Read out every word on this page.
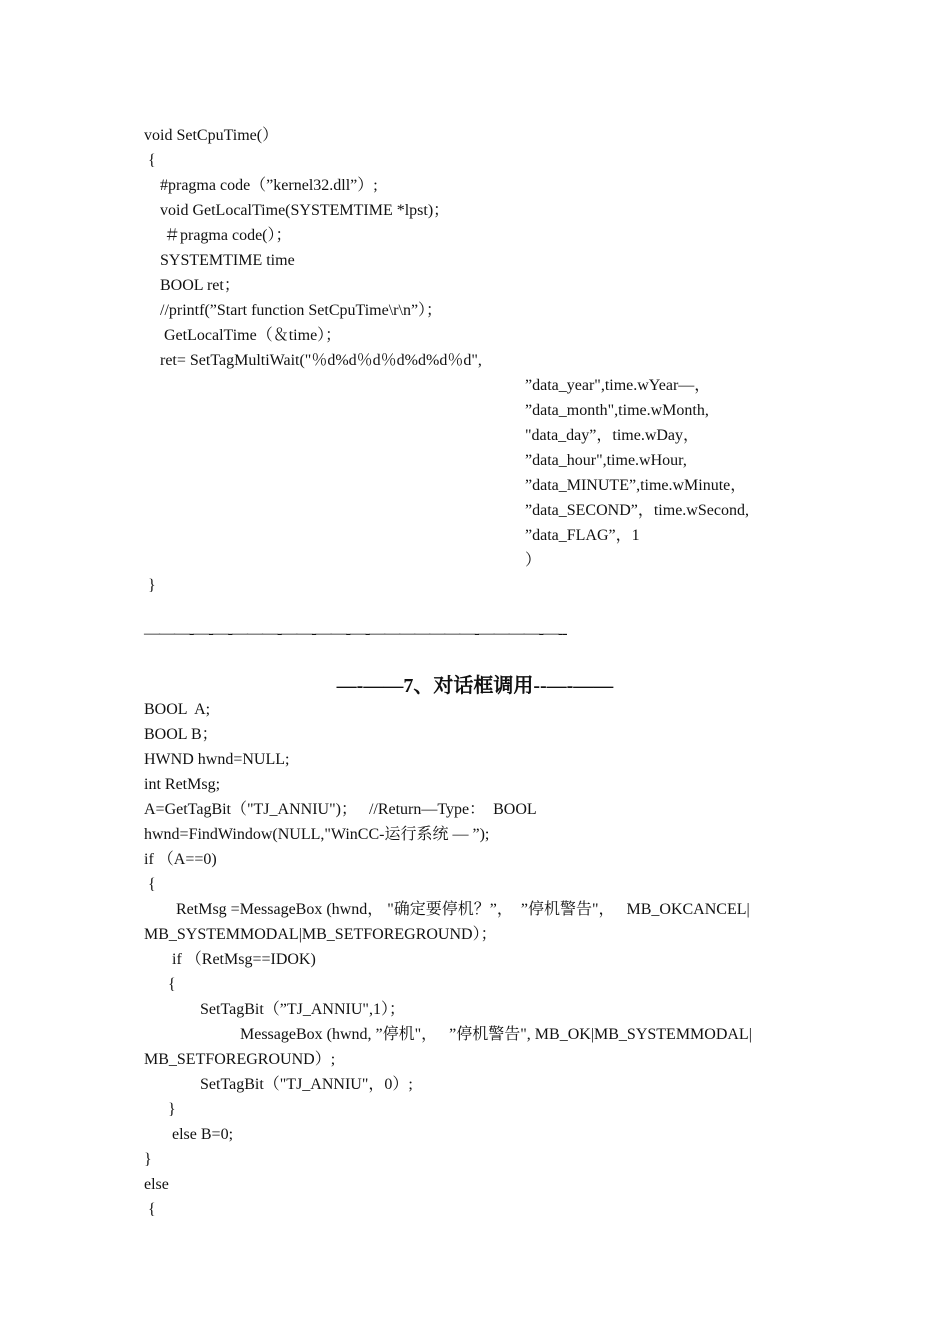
void SetCpuTime(）
{
#pragma code（”kernel32.dll”）;
void GetLocalTime(SYSTEMTIME *lpst)；
＃pragma code(）；
SYSTEMTIME time
BOOL ret；
//printf(”Start function SetCpuTime\r\n”）；
GetLocalTime（＆time）；
ret= SetTagMultiWait("％d%d％d％d%d%d％d",
”data_year",time.wYear—，
”data_month",time.wMonth,
"data_day”，time.wDay，
”data_hour",time.wHour,
”data_MINUTE”,time.wMinute，
”data_SECOND”，time.wSecond,
”data_FLAG”，1
）
}
———-—-—-———-——-——-—-———————-————-—--
—-——7、对话框调用--—-——
BOOL  A;
BOOL B；
HWND hwnd=NULL;
int RetMsg;
A=GetTagBit（"TJ_ANNIU")；   //Return—Type：  BOOL
hwnd=FindWindow(NULL,"WinCC-运行系统 — ”);
if （A==0)
{
RetMsg =MessageBox (hwnd， "确定要停机？”，  ”停机警告"，   MB_OKCANCEL|
MB_SYSTEMMODAL|MB_SETFOREGROUND）；
if （RetMsg==IDOK)
{
SetTagBit（”TJ_ANNIU",1）；
MessageBox (hwnd, ”停机"，   ”停机警告", MB_OK|MB_SYSTEMMODAL|
MB_SETFOREGROUND）;
SetTagBit（"TJ_ANNIU"，0）;
}
else B=0;
}
else
{
